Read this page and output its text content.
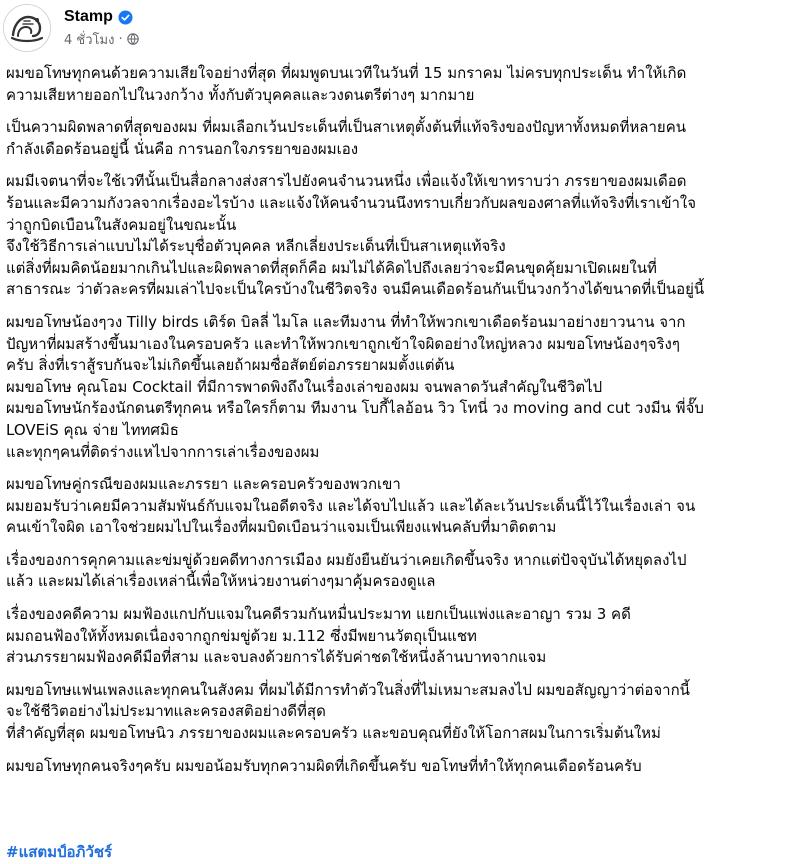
Stamp
4 ชั่วโมง ·
ผมขอโทษทุกคนด้วยความเสียใจอย่างที่สุด ที่ผมพูดบนเวทีในวันที่ 15 มกราคม ไม่ครบทุกประเด็น ทำให้เกิด
ความเสียหายออกไปในวงกว้าง ทั้งกับตัวบุคคลและวงดนตรีต่างๆ มากมาย
เป็นความผิดพลาดที่สุดของผม ที่ผมเลือกเว้นประเด็นที่เป็นสาเหตุตั้งต้นที่แท้จริงของปัญหาทั้งหมดที่หลายคน
กำลังเดือดร้อนอยู่นี้ นั่นคือ การนอกใจภรรยาของผมเอง
ผมมีเจตนาที่จะใช้เวทีนั้นเป็นสื่อกลางส่งสารไปยังคนจำนวนหนึ่ง เพื่อแจ้งให้เขาทราบว่า ภรรยาของผมเดือด
ร้อนและมีความกังวลจากเรื่องอะไรบ้าง และแจ้งให้คนจำนวนนึงทราบเกี่ยวกับผลของศาลที่แท้จริงที่เราเข้าใจ
ว่าถูกบิดเบือนในสังคมอยู่ในขณะนั้น
จึงใช้วิธีการเล่าแบบไม่ได้ระบุชื่อตัวบุคคล หลีกเลี่ยงประเด็นที่เป็นสาเหตุแท้จริง
แต่สิ่งที่ผมคิดน้อยมากเกินไปและผิดพลาดที่สุดก็คือ ผมไม่ได้คิดไปถึงเลยว่าจะมีคนขุดคุ้ยมาเปิดเผยในที่
สาธารณะ ว่าตัวละครที่ผมเล่าไปจะเป็นใครบ้างในชีวิตจริง จนมีคนเดือดร้อนกันเป็นวงกว้างได้ขนาดที่เป็นอยู่นี้
ผมขอโทษน้องๆวง Tilly birds เติร์ด บิลลี่ ไมโล และทีมงาน ที่ทำให้พวกเขาเดือดร้อนมาอย่างยาวนาน จาก
ปัญหาที่ผมสร้างขึ้นมาเองในครอบครัว และทำให้พวกเขาถูกเข้าใจผิดอย่างใหญ่หลวง ผมขอโทษน้องๆจริงๆ
ครับ สิ่งที่เราสู้รบกันจะไม่เกิดขึ้นเลยถ้าผมซื่อสัตย์ต่อภรรยาผมตั้งแต่ต้น
ผมขอโทษ คุณโอม Cocktail ที่มีการพาดพิงถึงในเรื่องเล่าของผม จนพลาดวันสำคัญในชีวิตไป
ผมขอโทษนักร้องนักดนตรีทุกคน หรือใครก็ตาม ทีมงาน โบกี้ไลอ้อน วิว โทนี่ วง moving and cut วงมีน พี่จั๊บ
LOVEiS คุณ จ่าย ไททศมิธ
และทุกๆคนที่ติดร่างแหไปจากการเล่าเรื่องของผม
ผมขอโทษคู่กรณีของผมและภรรยา และครอบครัวของพวกเขา
ผมยอมรับว่าเคยมีความสัมพันธ์กับแจมในอดีตจริง และได้จบไปแล้ว และได้ละเว้นประเด็นนี้ไว้ในเรื่องเล่า จน
คนเข้าใจผิด เอาใจช่วยผมไปในเรื่องที่ผมบิดเบือนว่าแจมเป็นเพียงแฟนคลับที่มาติดตาม
เรื่องของการคุกคามและข่มขู่ด้วยคดีทางการเมือง ผมยังยืนยันว่าเคยเกิดขึ้นจริง หากแต่ปัจจุบันได้หยุดลงไป
แล้ว และผมได้เล่าเรื่องเหล่านี้เพื่อให้หน่วยงานต่างๆมาคุ้มครองดูแล
เรื่องของคดีความ ผมฟ้องแกปกับแจมในคดีรวมกันหมื่นประมาท แยกเป็นแพ่งและอาญา รวม 3 คดี
ผมถอนฟ้องให้ทั้งหมดเนื่องจากถูกข่มขู่ด้วย ม.112 ซึ่งมีพยานวัตถุเป็นแชท
ส่วนภรรยาผมฟ้องคดีมือที่สาม และจบลงด้วยการได้รับค่าชดใช้หนึ่งล้านบาทจากแจม
ผมขอโทษแฟนเพลงและทุกคนในสังคม ที่ผมได้มีการทำตัวในสิ่งที่ไม่เหมาะสมลงไป ผมขอสัญญาว่าต่อจากนี้
จะใช้ชีวิตอย่างไม่ประมาทและครองสติอย่างดีที่สุด
ที่สำคัญที่สุด ผมขอโทษนิว ภรรยาของผมและครอบครัว และขอบคุณที่ยังให้โอกาสผมในการเริ่มต้นใหม่
ผมขอโทษทุกคนจริงๆครับ ผมขอน้อมรับทุกความผิดที่เกิดขึ้นครับ ขอโทษที่ทำให้ทุกคนเดือดร้อนครับ
#แสตมป์อภิวัชร์
